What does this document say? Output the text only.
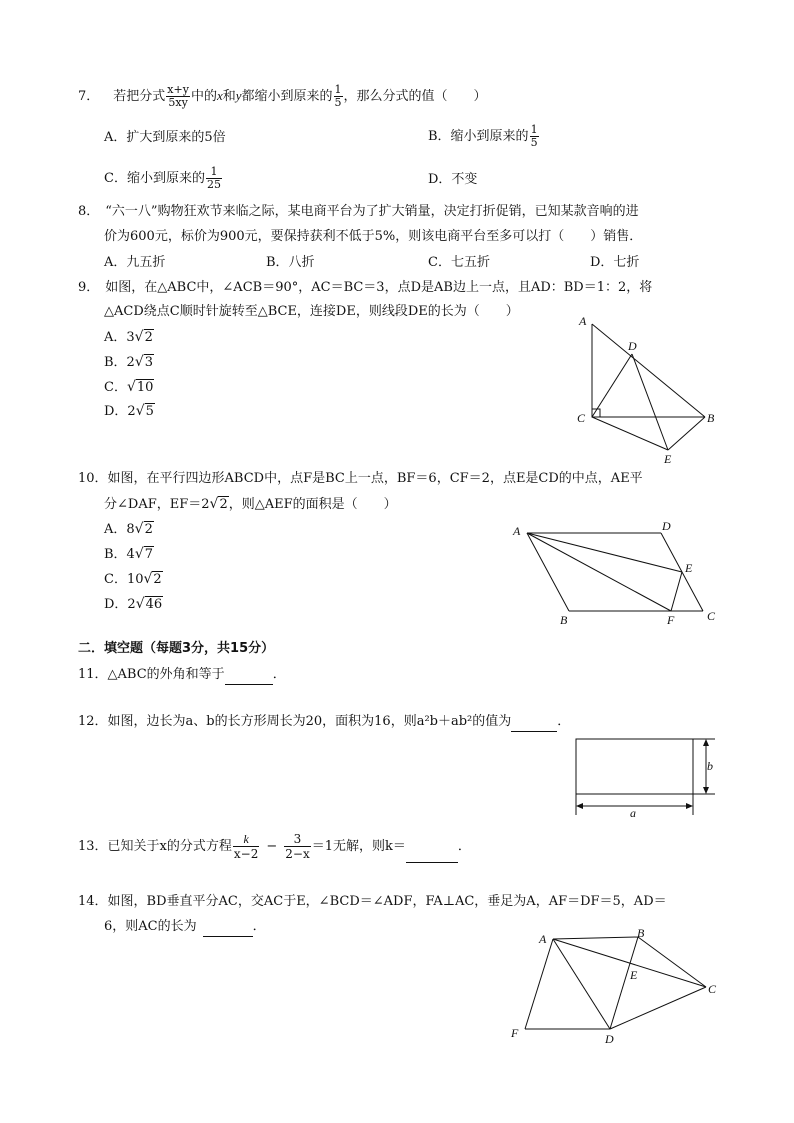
7． 若把分式 $\frac{x+y}{5xy}$ 中的x和y都缩小到原来的 $\frac{1}{5}$ ，那么分式的值（　　）
A．扩大到原来的5倍	B．缩小到原来的 $\frac{1}{5}$
C．缩小到原来的 $\frac{1}{25}$	D．不变
8． “六一八”购物狂欢节来临之际，某电商平台为了扩大销量，决定打折促销，已知某款音响的进
价为600元，标价为900元，要保持获利不低于5%，则该电商平台至多可以打（　　）销售．
A．九五折	B．八折	C．七五折	D．七折
9． 如图，在△ABC中，∠ACB＝90°，AC＝BC＝3，点D是AB边上一点，且AD：BD＝1：2，将
△ACD绕点C顺时针旋转至△BCE，连接DE，则线段DE的长为（　　）
A．3√2
B．2√3
C．√10
D．2√5
A
D
C	B
E
10．如图，在平行四边形ABCD中，点F是BC上一点，BF＝6，CF＝2，点E是CD的中点，AE平
分∠DAF，EF＝2√2，则△AEF的面积是（　　）
A．8√2
B．4√7
C．10√2
D．2√46
A	D
E
B	F	C
二．填空题（每题3分，共15分）
11．△ABC的外角和等于	．
12．如图，边长为a、b的长方形周长为20，面积为16，则a²b＋ab²的值为	．
b
a
13．已知关于x的分式方程 $\frac{k}{x-2} - \frac{3}{2-x} =1$无解，则k＝	．
14．如图，BD垂直平分AC，交AC于E，∠BCD＝∠ADF，FA⊥AC，垂足为A，AF＝DF＝5，AD＝
6，则AC的长为	．
A	B
E
C
F	D
